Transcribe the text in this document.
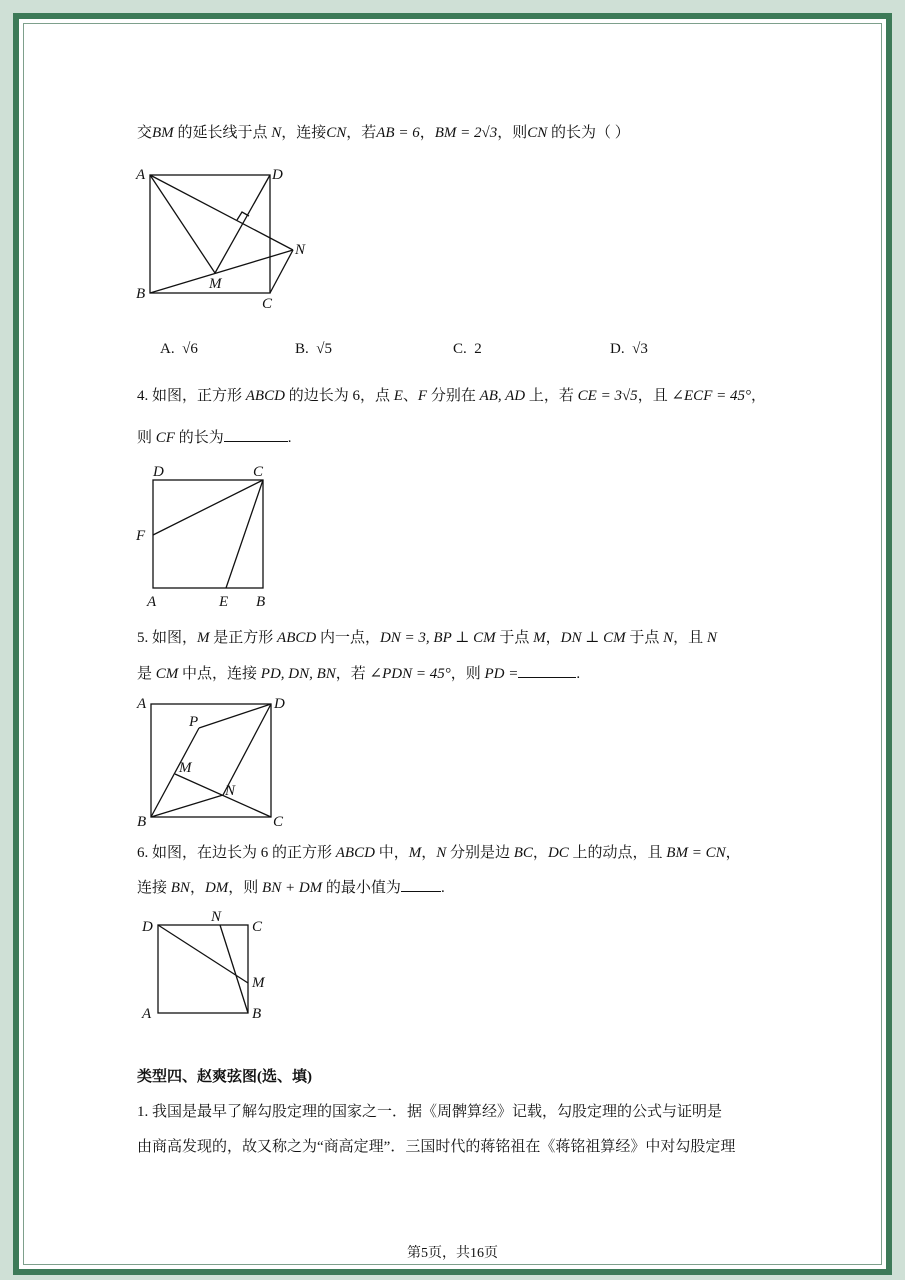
交BM 的延长线于点 N，连接CN，若AB = 6，BM = 2√3，则CN 的长为（ ）
A	D
N
M
B
C
A. √6	B. √5	C. 2	D. √3
4. 如图，正方形 ABCD 的边长为 6，点 E、F 分别在 AB, AD 上，若 CE = 3√5，且 ∠ECF = 45°，
则 CF 的长为	.
D	C
F
A	E B
5. 如图，M 是正方形 ABCD 内一点，DN = 3, BP ⊥ CM 于点 M，DN ⊥ CM 于点 N，且 N
是 CM 中点，连接 PD, DN, BN，若 ∠PDN = 45°，则 PD =	.
A	D
P
M
N
B	C
6. 如图，在边长为 6 的正方形 ABCD 中，M，N 分别是边 BC，DC 上的动点，且 BM = CN，
连接 BN，DM，则 BN + DM 的最小值为	.
D
N
C
M
A	B
类型四、赵爽弦图(选、填)
1. 我国是最早了解勾股定理的国家之一．据《周髀算经》记载，勾股定理的公式与证明是
由商高发现的，故又称之为“商高定理”．三国时代的蒋铭祖在《蒋铭祖算经》中对勾股定理
第5页，共16页
